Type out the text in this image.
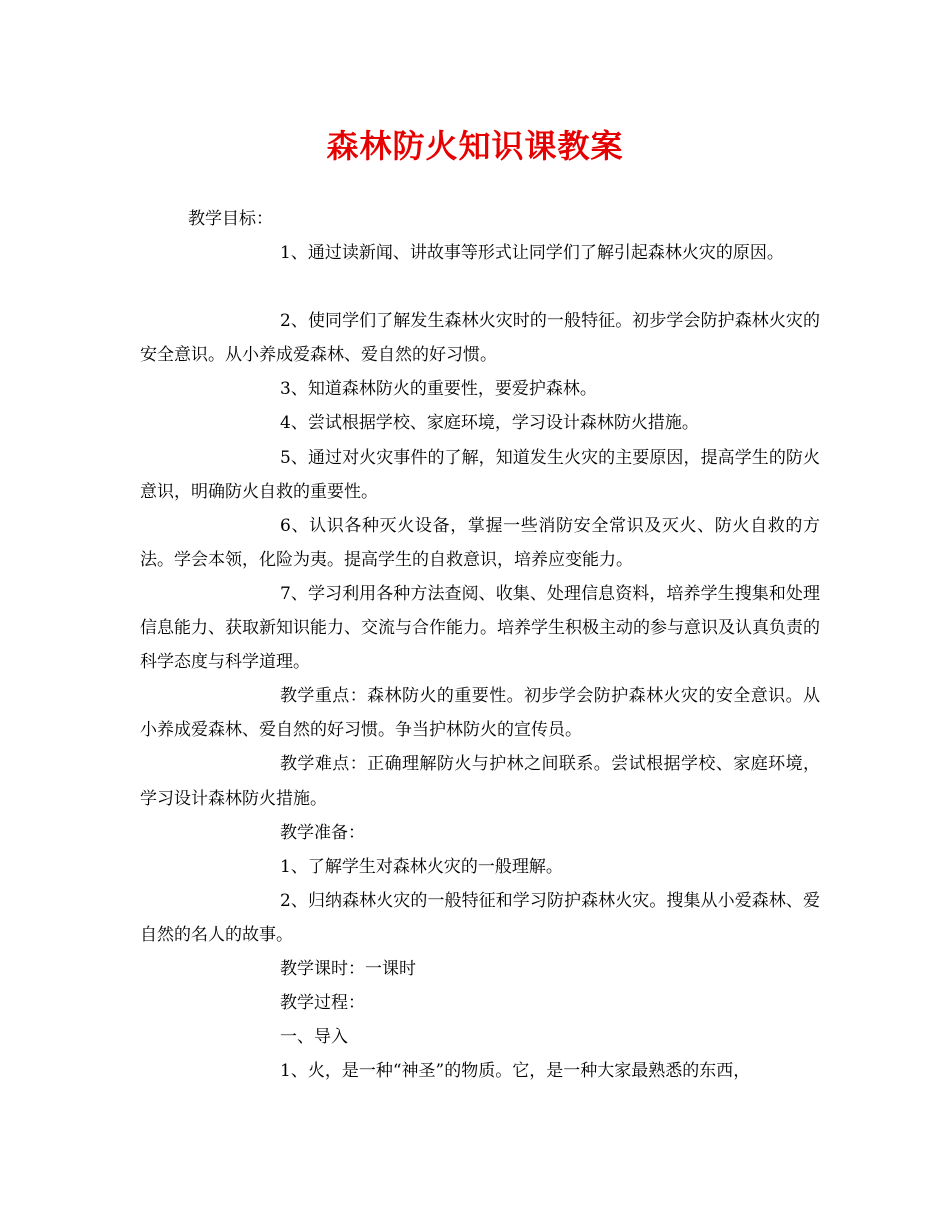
森林防火知识课教案

教学目标：

1、通过读新闻、讲故事等形式让同学们了解引起森林火灾的原因。

2、使同学们了解发生森林火灾时的一般特征。初步学会防护森林火灾的安全意识。从小养成爱森林、爱自然的好习惯。

3、知道森林防火的重要性，要爱护森林。

4、尝试根据学校、家庭环境，学习设计森林防火措施。

5、通过对火灾事件的了解，知道发生火灾的主要原因，提高学生的防火意识，明确防火自救的重要性。

6、认识各种灭火设备，掌握一些消防安全常识及灭火、防火自救的方法。学会本领，化险为夷。提高学生的自救意识，培养应变能力。

7、学习利用各种方法查阅、收集、处理信息资料，培养学生搜集和处理信息能力、获取新知识能力、交流与合作能力。培养学生积极主动的参与意识及认真负责的科学态度与科学道理。

教学重点：森林防火的重要性。初步学会防护森林火灾的安全意识。从小养成爱森林、爱自然的好习惯。争当护林防火的宣传员。

教学难点：正确理解防火与护林之间联系。尝试根据学校、家庭环境，学习设计森林防火措施。

教学准备：

1、了解学生对森林火灾的一般理解。

2、归纳森林火灾的一般特征和学习防护森林火灾。搜集从小爱森林、爱自然的名人的故事。

教学课时：一课时

教学过程：

一、导入

1、火，是一种“神圣”的物质。它，是一种大家最熟悉的东西，
